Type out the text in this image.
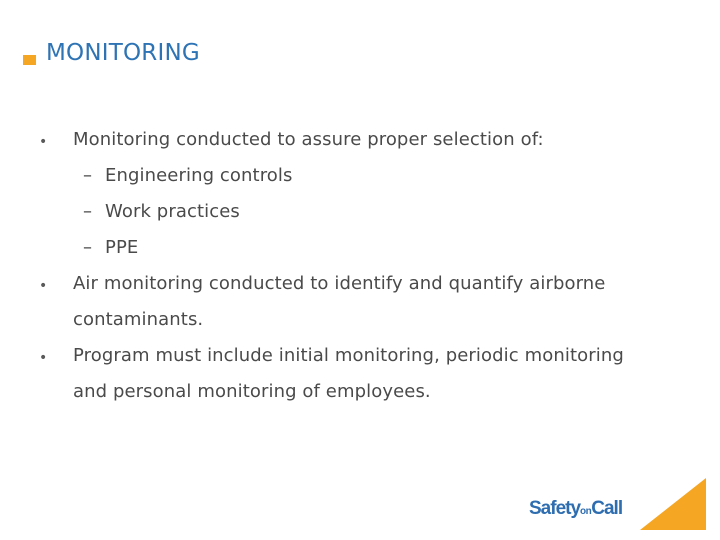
MONITORING
• Monitoring conducted to assure proper selection of:
– Engineering controls
– Work practices
– PPE
• Air monitoring conducted to identify and quantify airborne
contaminants.
• Program must include initial monitoring, periodic monitoring
and personal monitoring of employees.
SafetyonCall
